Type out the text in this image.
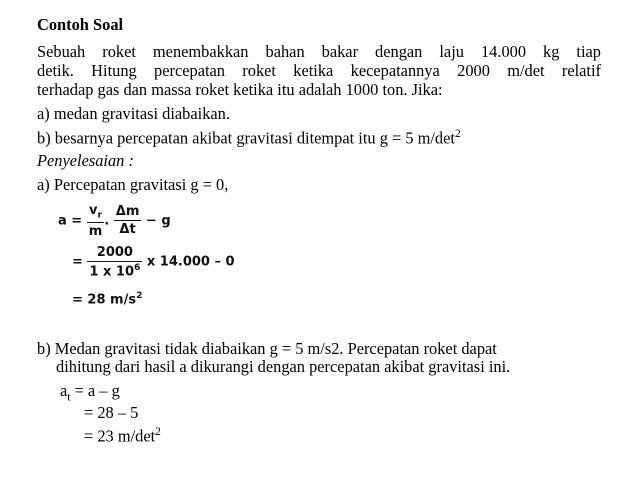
Contoh Soal
Sebuah roket menembakkan bahan bakar dengan laju 14.000 kg tiap
detik. Hitung percepatan roket ketika kecepatannya 2000 m/det relatif
terhadap gas dan massa roket ketika itu adalah 1000 ton. Jika:
a) medan gravitasi diabaikan.
b) besarnya percepatan akibat gravitasi ditempat itu g = 5 $m/\det^2$
Penyelesaian :
a) Percepatan gravitasi g = 0,
$a = \frac{v_r}{m}$ . $\frac{\Delta m}{\Delta t} - g$
= $\frac{2000}{1 x 10^6}$ x 14.000 – 0
= 28 $m/s^2$
b) Medan gravitasi tidak diabaikan g = 5 m/s2. Percepatan roket dapat
dihitung dari hasil a dikurangi dengan percepatan akibat gravitasi ini.
$a_t = a - g$
= 28 – 5
= 23 $m/\det^2$
